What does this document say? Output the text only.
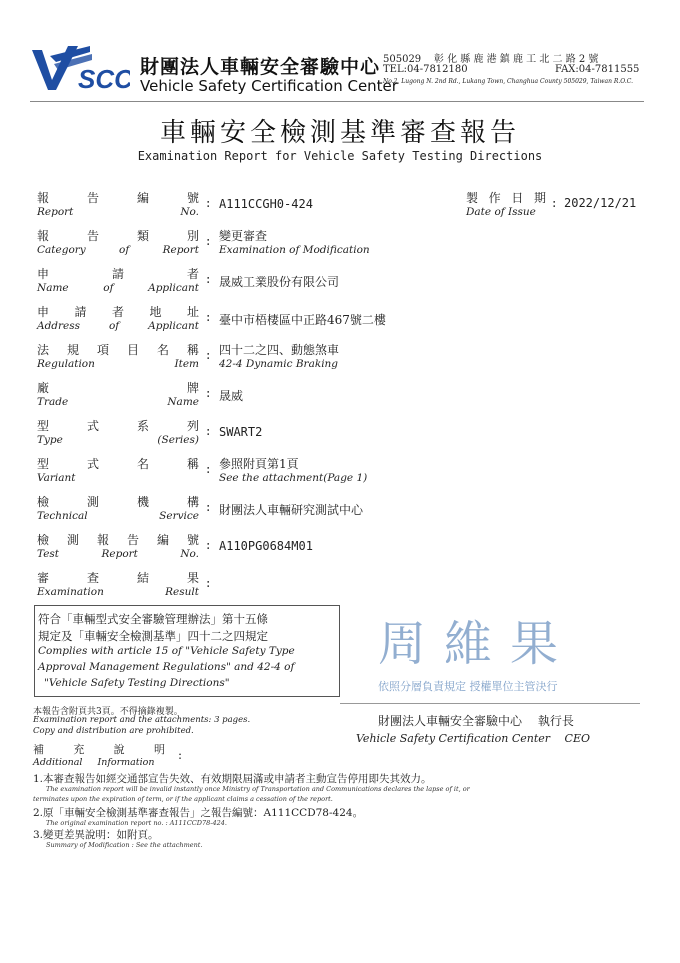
SCC 財團法人車輛安全審驗中心
Vehicle Safety Certification Center
505029 彰 化 縣 鹿 港 鎮 鹿 工 北 二 路 2 號
TEL:04-7812180	FAX:04-7811555
No.2, Lugong N. 2nd Rd., Lukang Town, Changhua County 505029, Taiwan R.O.C.
車輛安全檢測基準審查報告
Examination Report for Vehicle Safety Testing Directions
製作日期
Date of Issue
: 2022/12/21
報告編號
Report No.
: A111CCGH0-424
報告類別
Category of Report
: 變更審查
Examination of Modification
申請者
Name of Applicant
: 晟威工業股份有限公司
申請者地址
Address of Applicant
: 臺中市梧棲區中正路467號二樓
法規項目名稱
Regulation Item
: 四十二之四、動態煞車
42-4 Dynamic Braking
廠牌
Trade Name
: 晟威
型式系列
Type (Series)
: SWART2
型式名稱
Variant
: 參照附頁第1頁
See the attachment(Page 1)
檢測機構
Technical Service
: 財團法人車輛研究測試中心
檢測報告編號
Test Report No.
: A110PG0684M01
審查結果
Examination Result
:
符合「車輛型式安全審驗管理辦法」第十五條
規定及「車輛安全檢測基準」四十二之四規定
Complies with article 15 of "Vehicle Safety Type
Approval Management Regulations" and 42-4 of
"Vehicle Safety Testing Directions"
周維果
依照分層負責規定 授權單位主管決行
本報告含附頁共3頁。不得摘錄複製。
Examination report and the attachments: 3 pages.
Copy and distribution are prohibited.
財團法人車輛安全審驗中心　 執行長
Vehicle Safety Certification Center　 CEO
補充說明
Additional Information
:
1.本審查報告如經交通部宣告失效、有效期限屆滿或申請者主動宣告停用即失其效力。
The examination report will be invalid instantly once Ministry of Transportation and Communications declares the lapse of it, or
terminates upon the expiration of term, or if the applicant claims a cessation of the report.
2.原「車輛安全檢測基準審查報告」之報告編號：A111CCD78-424。
The original examination report no. : A111CCD78-424.
3.變更差異說明：如附頁。
Summary of Modification : See the attachment.
